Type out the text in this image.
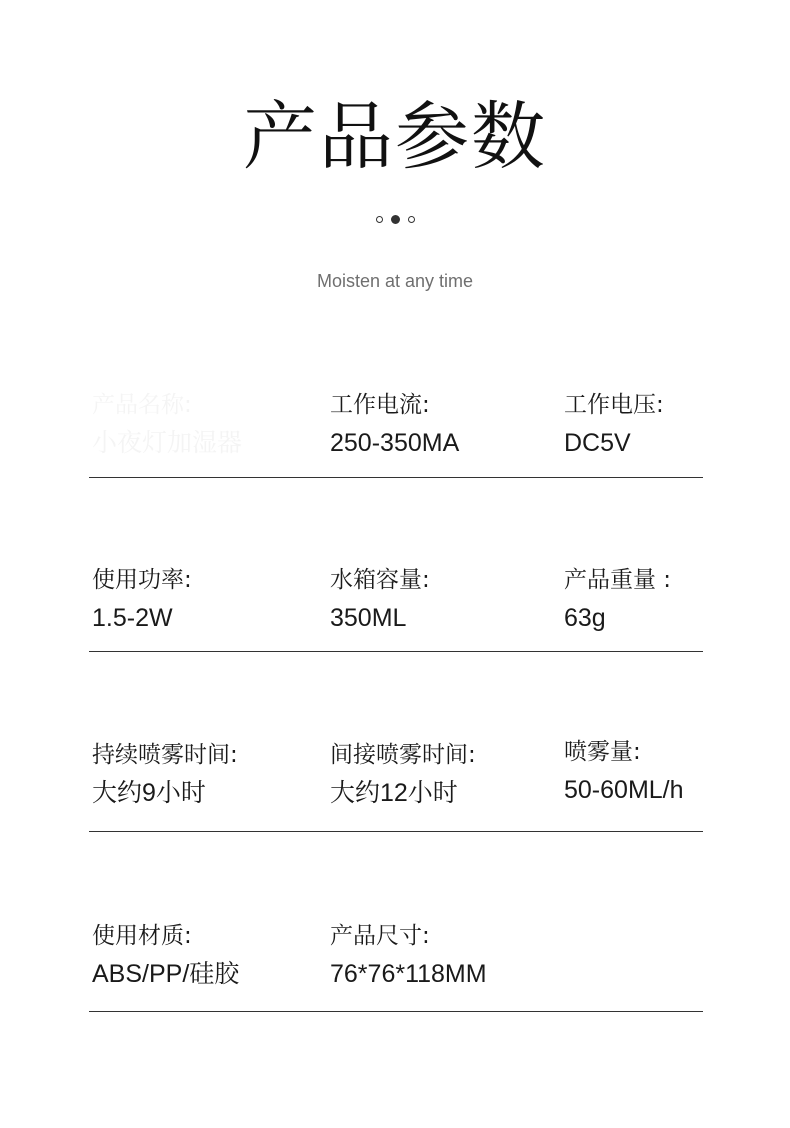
产品参数
Moisten at any time
产品名称:
小夜灯加湿器
工作电流:
250-350MA
工作电压:
DC5V
使用功率:
1.5-2W
水箱容量:
350ML
产品重量 :
63g
持续喷雾时间:
大约9小时
间接喷雾时间:
大约12小时
喷雾量:
50-60ML/h
使用材质:
ABS/PP/硅胶
产品尺寸:
76*76*118MM
